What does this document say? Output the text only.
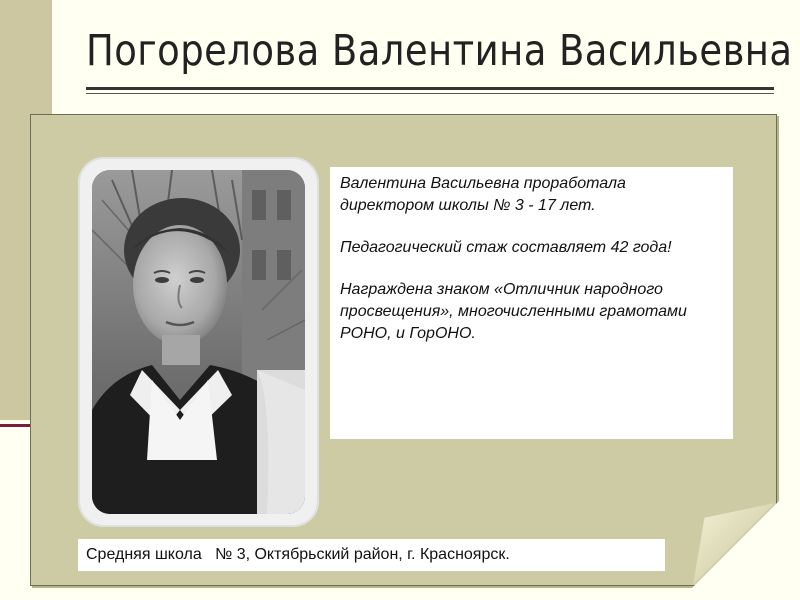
Погорелова Валентина Васильевна

Валентина Васильевна проработала директором школы № 3 - 17 лет.

Педагогический стаж составляет 42 года!

Награждена знаком «Отличник народного просвещения», многочисленными грамотами РОНО, и ГорОНО.

Средняя школа   № 3, Октябрьский район, г. Красноярск.
